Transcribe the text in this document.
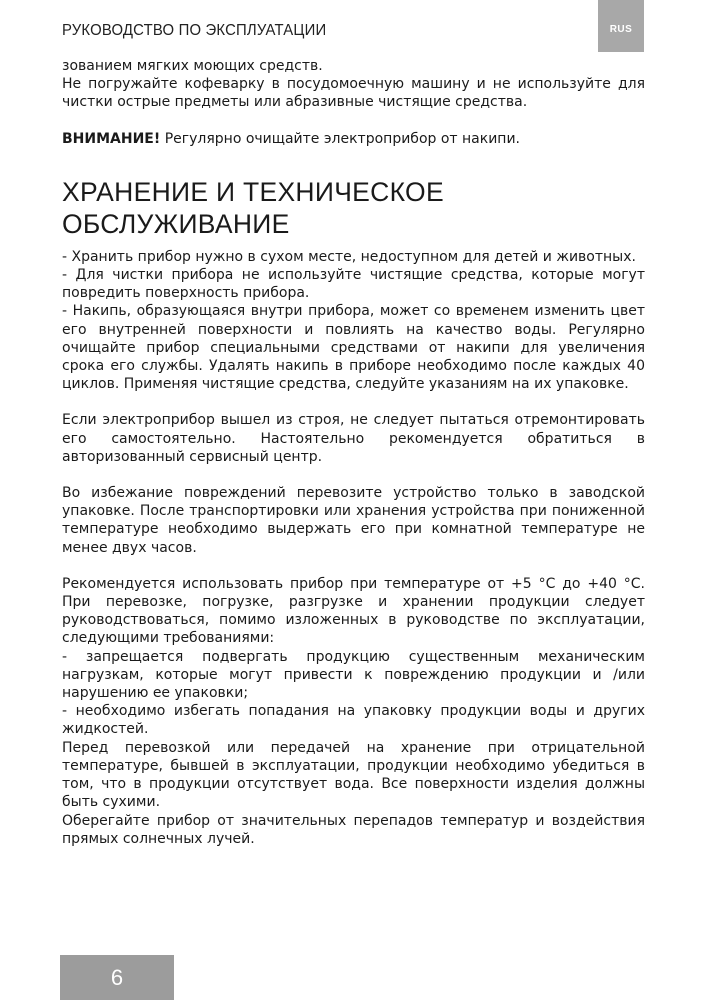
РУКОВОДСТВО ПО ЭКСПЛУАТАЦИИ	RUS

зованием мягких моющих средств.

Не погружайте кофеварку в посудомоечную машину и не используйте для чистки острые предметы или абразивные чистящие средства.

ВНИМАНИЕ! Регулярно очищайте электроприбор от накипи.

ХРАНЕНИЕ И ТЕХНИЧЕСКОЕ
ОБСЛУЖИВАНИЕ

- Хранить прибор нужно в сухом месте, недоступном для детей и животных.

- Для чистки прибора не используйте чистящие средства, которые могут повредить поверхность прибора.

- Накипь, образующаяся внутри прибора, может со временем изменить цвет его внутренней поверхности и повлиять на качество воды. Регулярно очищайте прибор специальными средствами от накипи для увеличения срока его службы. Удалять накипь в приборе необходимо после каждых 40 циклов. Применяя чистящие средства, следуйте указаниям на их упаковке.

Если электроприбор вышел из строя, не следует пытаться отремонтировать его самостоятельно. Настоятельно рекомендуется обратиться в авторизованный сервисный центр.

Во избежание повреждений перевозите устройство только в заводской упаковке. После транспортировки или хранения устройства при пониженной температуре необходимо выдержать его при комнатной температуре не менее двух часов.

Рекомендуется использовать прибор при температуре от +5 °С до +40 °С. При перевозке, погрузке, разгрузке и хранении продукции следует руководствоваться, помимо изложенных в руководстве по эксплуатации, следующими требованиями:

- запрещается подвергать продукцию существенным механическим нагрузкам, которые могут привести к повреждению продукции и /или нарушению ее упаковки;

- необходимо избегать попадания на упаковку продукции воды и других жидкостей.

Перед перевозкой или передачей на хранение при отрицательной температуре, бывшей в эксплуатации, продукции необходимо убедиться в том, что в продукции отсутствует вода. Все поверхности изделия должны быть сухими.

Оберегайте прибор от значительных перепадов температур и воздействия прямых солнечных лучей.

6
